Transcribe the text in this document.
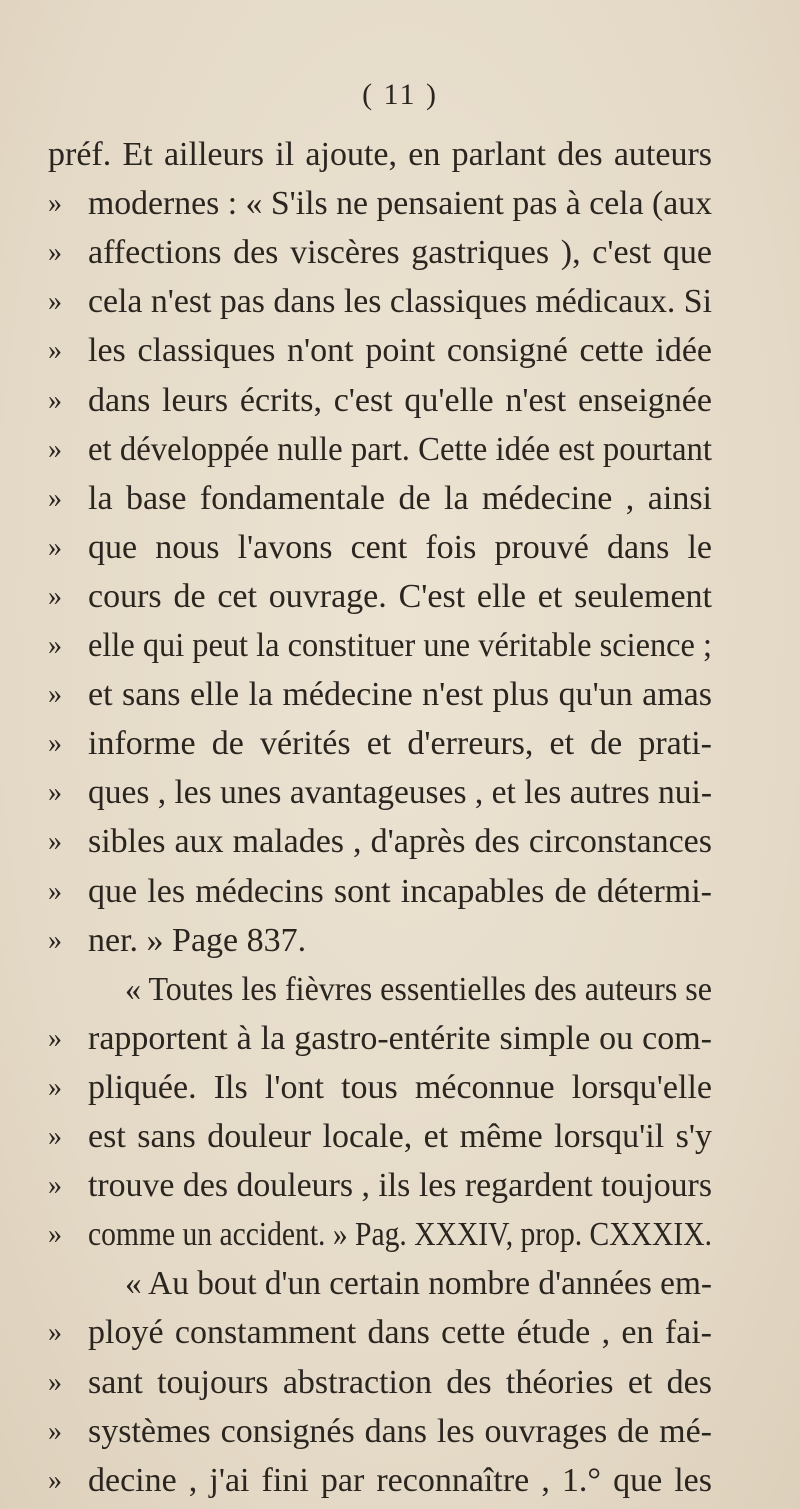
( 11 )
préf. Et ailleurs il ajoute, en parlant des auteurs
» modernes : « S'ils ne pensaient pas à cela (aux
» affections des viscères gastriques ), c'est que
» cela n'est pas dans les classiques médicaux. Si
» les classiques n'ont point consigné cette idée
» dans leurs écrits, c'est qu'elle n'est enseignée
» et développée nulle part. Cette idée est pourtant
» la base fondamentale de la médecine , ainsi
» que nous l'avons cent fois prouvé dans le
» cours de cet ouvrage. C'est elle et seulement
» elle qui peut la constituer une véritable science ;
» et sans elle la médecine n'est plus qu'un amas
» informe de vérités et d'erreurs, et de prati-
» ques , les unes avantageuses , et les autres nui-
» sibles aux malades , d'après des circonstances
» que les médecins sont incapables de détermi-
» ner. » Page 837.
« Toutes les fièvres essentielles des auteurs se
» rapportent à la gastro-entérite simple ou com-
» pliquée. Ils l'ont tous méconnue lorsqu'elle
» est sans douleur locale, et même lorsqu'il s'y
» trouve des douleurs , ils les regardent toujours
» comme un accident. » Pag. XXXIV, prop. CXXXIX.
« Au bout d'un certain nombre d'années em-
» ployé constamment dans cette étude , en fai-
» sant toujours abstraction des théories et des
» systèmes consignés dans les ouvrages de mé-
» decine , j'ai fini par reconnaître , 1.° que les
